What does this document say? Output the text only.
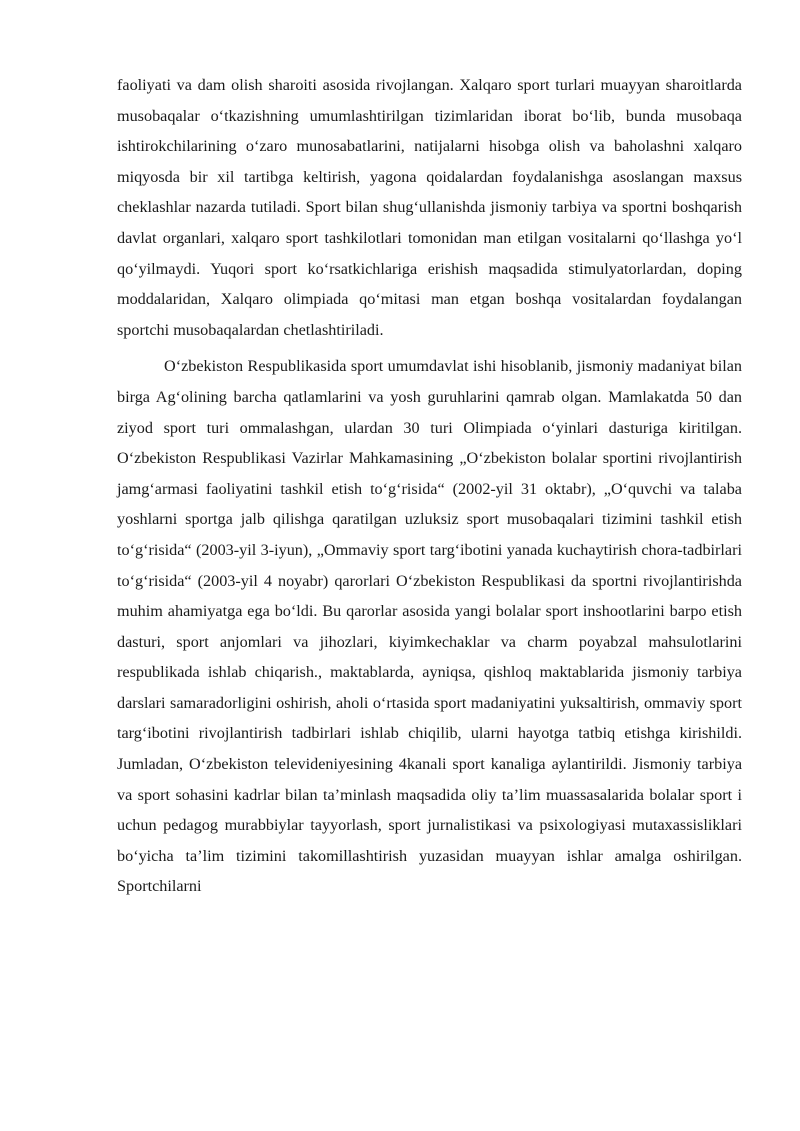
faoliyati va dam olish sharoiti asosida rivojlangan. Xalqaro sport turlari muayyan sharoitlarda musobaqalar o‘tkazishning umumlashtirilgan tizimlaridan iborat bo‘lib, bunda musobaqa ishtirokchilarining o‘zaro munosabatlarini, natijalarni hisobga olish va baholashni xalqaro miqyosda bir xil tartibga keltirish, yagona qoidalardan foydalanishga asoslangan maxsus cheklashlar nazarda tutiladi. Sport bilan shug‘ullanishda jismoniy tarbiya va sportni boshqarish davlat organlari, xalqaro sport tashkilotlari tomonidan man etilgan vositalarni qo‘llashga yo‘l qo‘yilmaydi. Yuqori sport ko‘rsatkichlariga erishish maqsadida stimulyatorlardan, doping moddalaridan, Xalqaro olimpiada qo‘mitasi man etgan boshqa vositalardan foydalangan sportchi musobaqalardan chetlashtiriladi.

O‘zbekiston Respublikasida sport umumdavlat ishi hisoblanib, jismoniy madaniyat bilan birga Ag‘olining barcha qatlamlarini va yosh guruhlarini qamrab olgan. Mamlakatda 50 dan ziyod sport turi ommalashgan, ulardan 30 turi Olimpiada o‘yinlari dasturiga kiritilgan. O‘zbekiston Respublikasi Vazirlar Mahkamasining „O‘zbekiston bolalar sportini rivojlantirish jamg‘armasi faoliyatini tashkil etish to‘g‘risida“ (2002-yil 31 oktabr), „O‘quvchi va talaba yoshlarni sportga jalb qilishga qaratilgan uzluksiz sport musobaqalari tizimini tashkil etish to‘g‘risida“ (2003-yil 3-iyun), „Ommaviy sport targ‘ibotini yanada kuchaytirish chora-tadbirlari to‘g‘risida“ (2003-yil 4 noyabr) qarorlari O‘zbekiston Respublikasi da sportni rivojlantirishda muhim ahamiyatga ega bo‘ldi. Bu qarorlar asosida yangi bolalar sport inshootlarini barpo etish dasturi, sport anjomlari va jihozlari, kiyimkechaklar va charm poyabzal mahsulotlarini respublikada ishlab chiqarish., maktablarda, ayniqsa, qishloq maktablarida jismoniy tarbiya darslari samaradorligini oshirish, aholi o‘rtasida sport madaniyatini yuksaltirish, ommaviy sport targ‘ibotini rivojlantirish tadbirlari ishlab chiqilib, ularni hayotga tatbiq etishga kirishildi. Jumladan, O‘zbekiston televideniyesining 4kanali sport kanaliga aylantirildi. Jismoniy tarbiya va sport sohasini kadrlar bilan ta’minlash maqsadida oliy ta’lim muassasalarida bolalar sport i uchun pedagog murabbiylar tayyorlash, sport jurnalistikasi va psixologiyasi mutaxassisliklari bo‘yicha ta’lim tizimini takomillashtirish yuzasidan muayyan ishlar amalga oshirilgan. Sportchilarni
